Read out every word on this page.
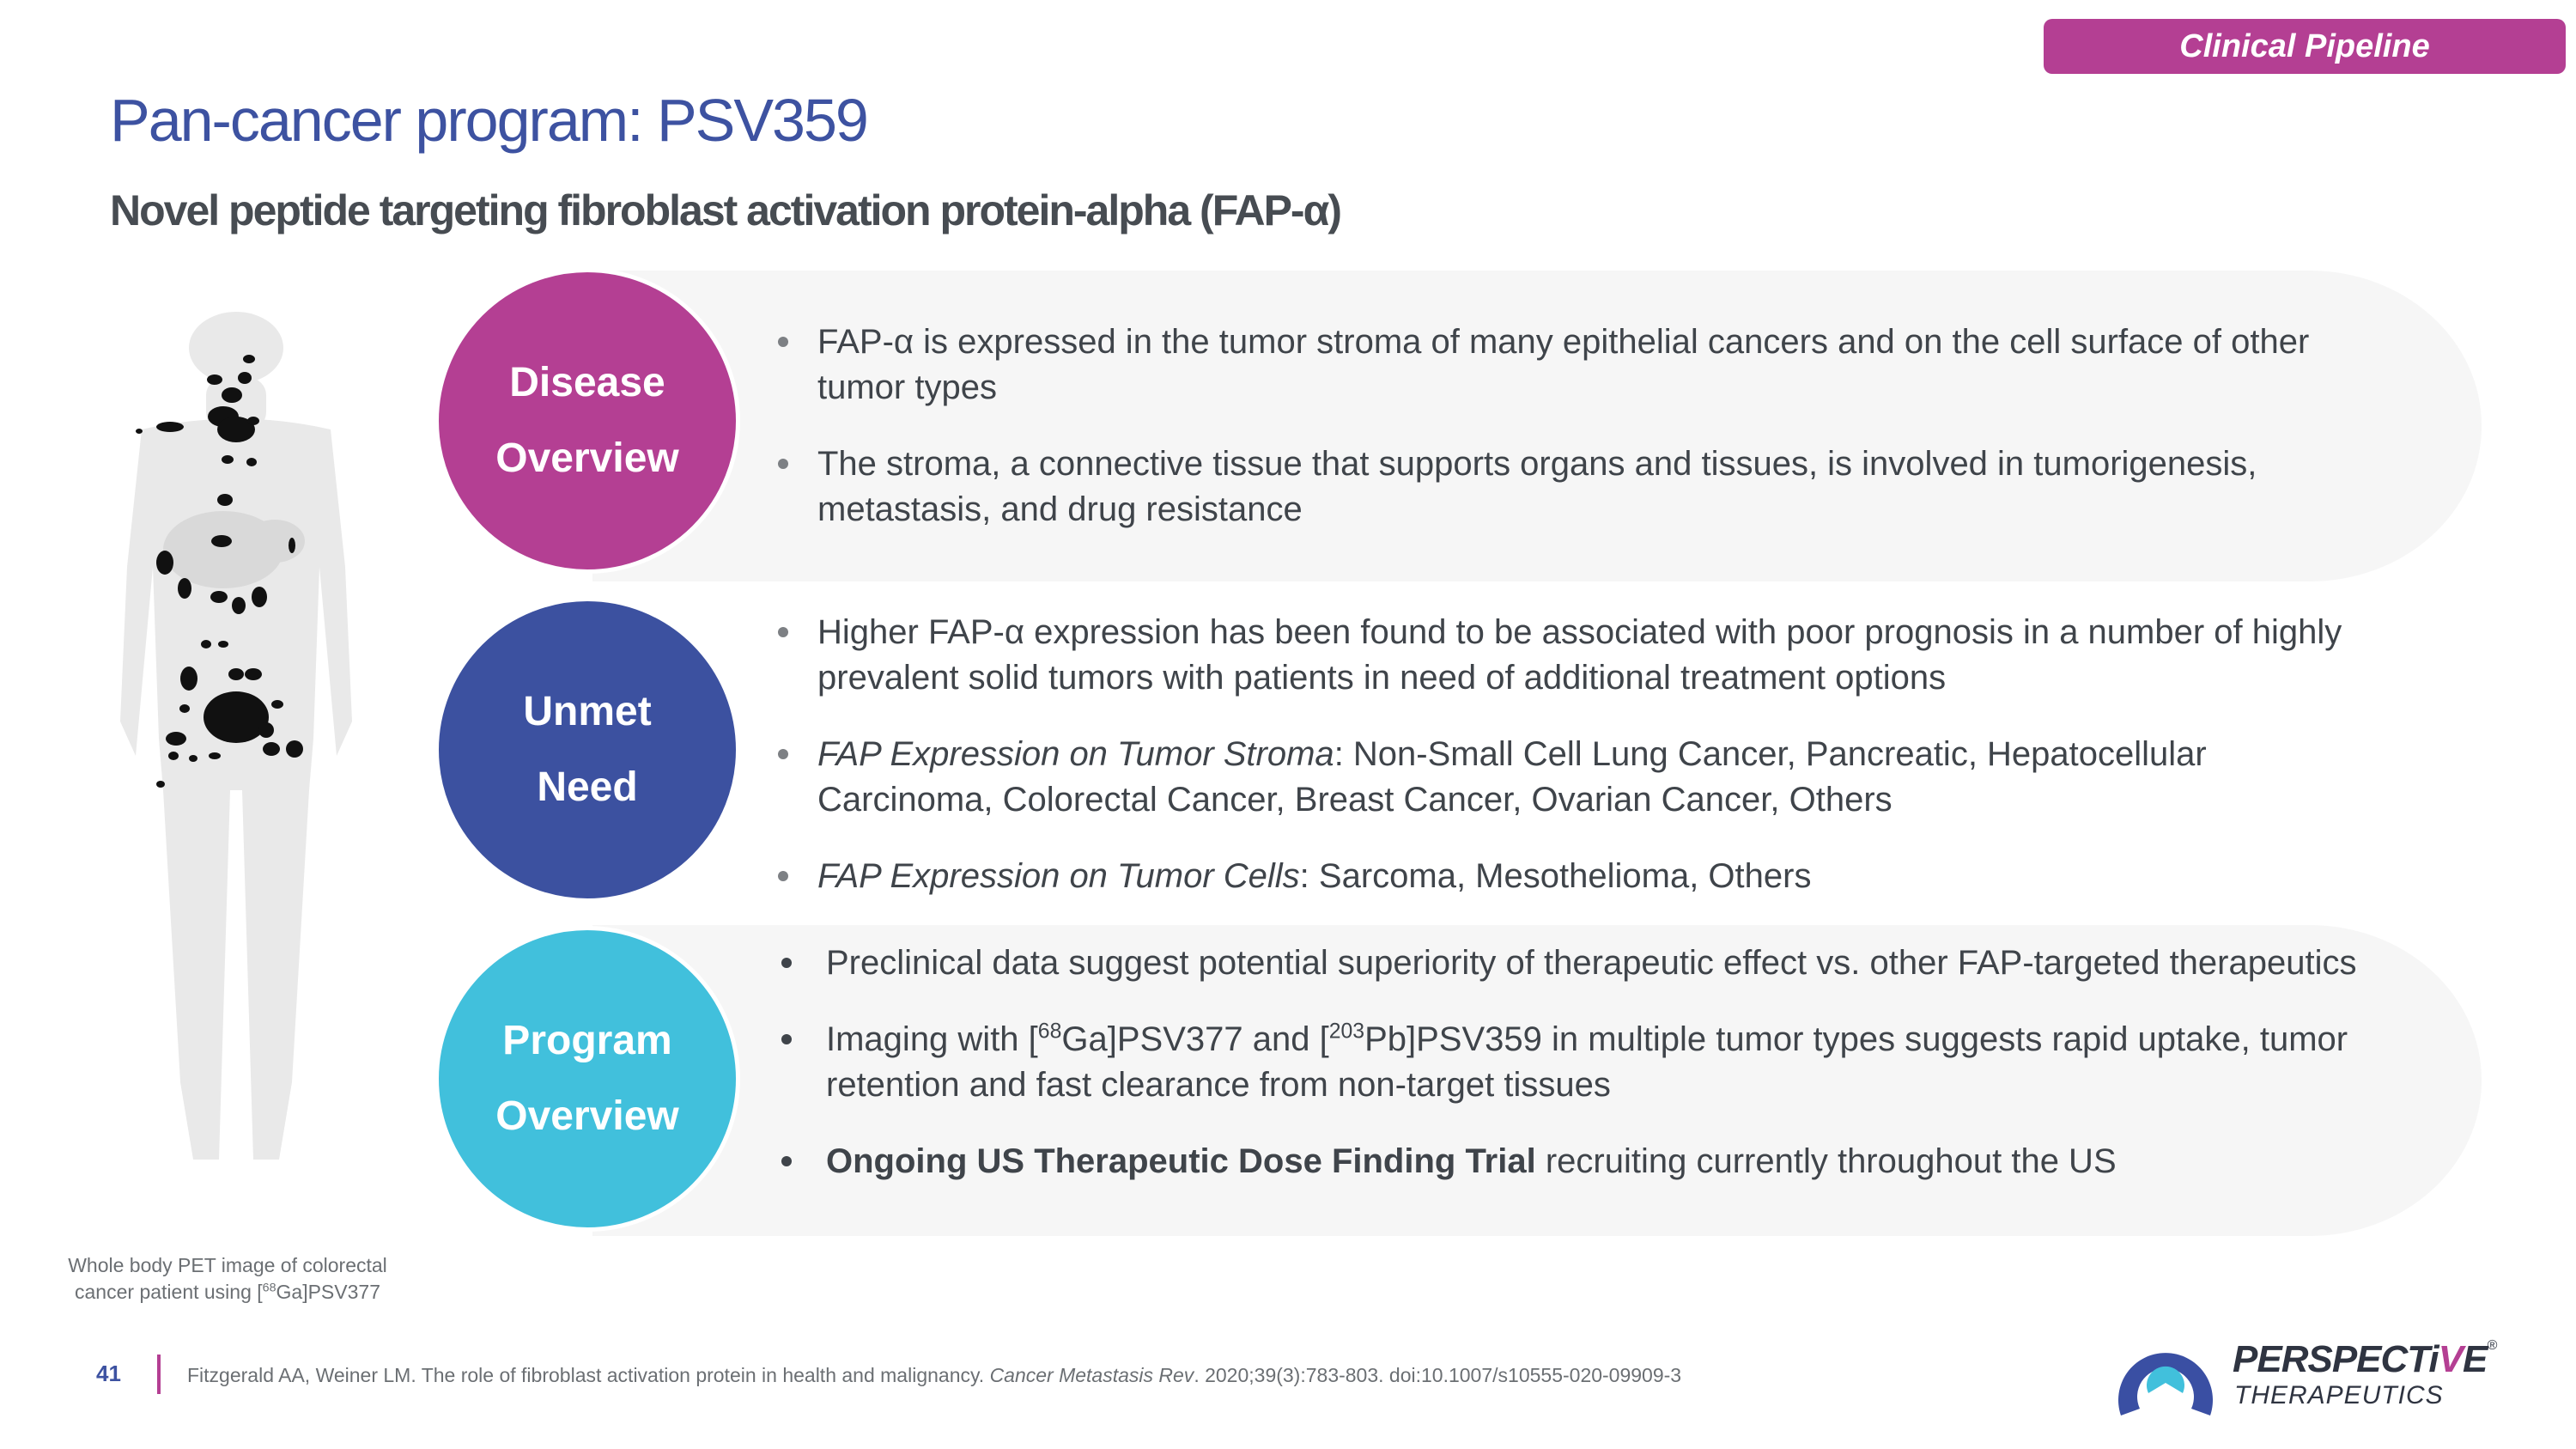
Clinical Pipeline
Pan-cancer program: PSV359
Novel peptide targeting fibroblast activation protein-alpha (FAP-α)
Whole body PET image of colorectal
cancer patient using [$^{68}$Ga]PSV377
Disease
Overview
Unmet
Need
Program
Overview
FAP-α is expressed in the tumor stroma of many epithelial cancers and on the cell surface of other tumor types
The stroma, a connective tissue that supports organs and tissues, is involved in tumorigenesis, metastasis, and drug resistance
Higher FAP-α expression has been found to be associated with poor prognosis in a number of highly prevalent solid tumors with patients in need of additional treatment options
FAP Expression on Tumor Stroma: Non-Small Cell Lung Cancer, Pancreatic, Hepatocellular Carcinoma, Colorectal Cancer, Breast Cancer, Ovarian Cancer, Others
FAP Expression on Tumor Cells: Sarcoma, Mesothelioma, Others
Preclinical data suggest potential superiority of therapeutic effect vs. other FAP-targeted therapeutics
Imaging with [$^{68}$Ga]PSV377 and [$^{203}$Pb]PSV359 in multiple tumor types suggests rapid uptake, tumor retention and fast clearance from non-target tissues
Ongoing US Therapeutic Dose Finding Trial recruiting currently throughout the US
41	Fitzgerald AA, Weiner LM. The role of fibroblast activation protein in health and malignancy. Cancer Metastasis Rev. 2020;39(3):783-803. doi:10.1007/s10555-020-09909-3	PERSPECTiVE®
THERAPEUTICS
